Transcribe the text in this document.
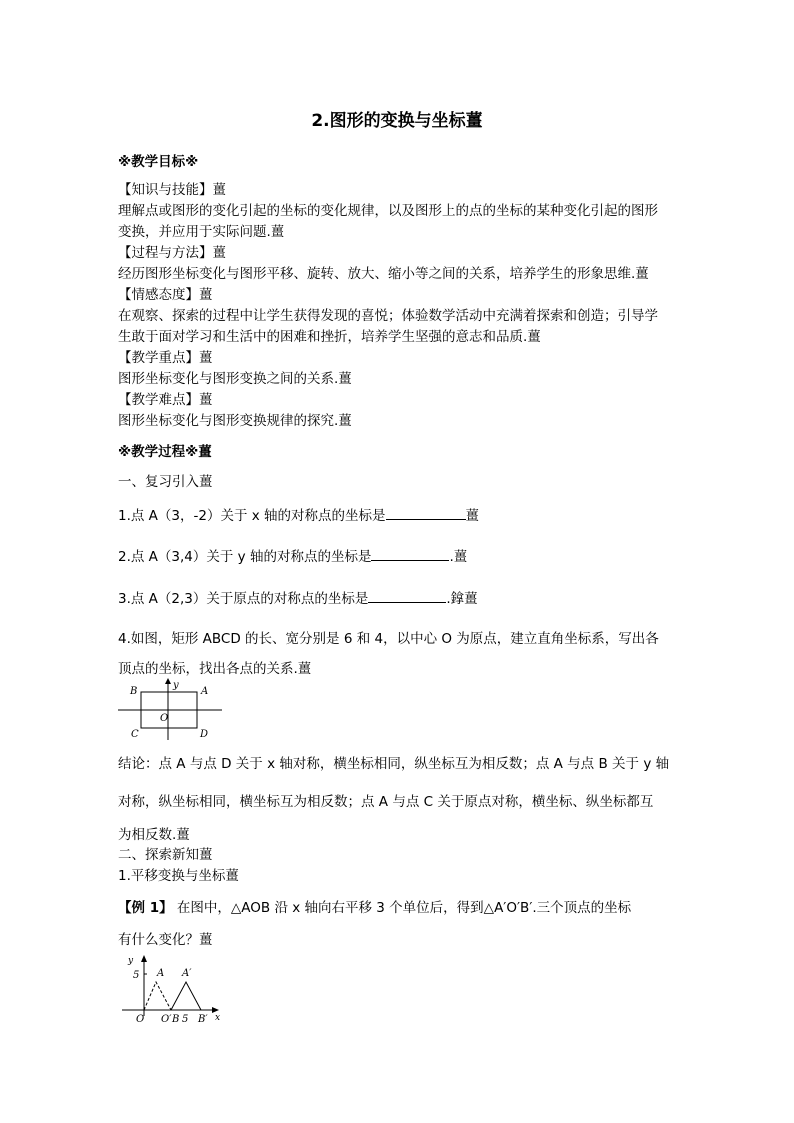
2.图形的变换与坐标薑
※教学目标※
【知识与技能】薑
理解点或图形的变化引起的坐标的变化规律，以及图形上的点的坐标的某种变化引起的图形
变换，并应用于实际问题.薑
【过程与方法】薑
经历图形坐标变化与图形平移、旋转、放大、缩小等之间的关系，培养学生的形象思维.薑
【情感态度】薑
在观察、探索的过程中让学生获得发现的喜悦；体验数学活动中充满着探索和创造；引导学
生敢于面对学习和生活中的困难和挫折，培养学生坚强的意志和品质.薑
【教学重点】薑
图形坐标变化与图形变换之间的关系.薑
【教学难点】薑
图形坐标变化与图形变换规律的探究.薑
※教学过程※薑
一、复习引入薑
1.点 A（3，-2）关于 x 轴的对称点的坐标是	薑
2.点 A（3,4）关于 y 轴的对称点的坐标是	.薑
3.点 A（2,3）关于原点的对称点的坐标是	.鎿薑
4.如图，矩形 ABCD 的长、宽分别是 6 和 4，以中心 O 为原点，建立直角坐标系，写出各
顶点的坐标，找出各点的关系.薑
y
B	A
C	D
O
结论：点 A 与点 D 关于 x 轴对称，横坐标相同，纵坐标互为相反数；点 A 与点 B 关于 y 轴
对称，纵坐标相同，横坐标互为相反数；点 A 与点 C 关于原点对称，横坐标、纵坐标都互
为相反数.薑
二、探索新知薑
1.平移变换与坐标薑
【例 1】 在图中，△AOB 沿 x 轴向右平移 3 个单位后，得到△A′O′B′.三个顶点的坐标
有什么变化？薑
5
y
x
A A′
O O′ B 5 B′
